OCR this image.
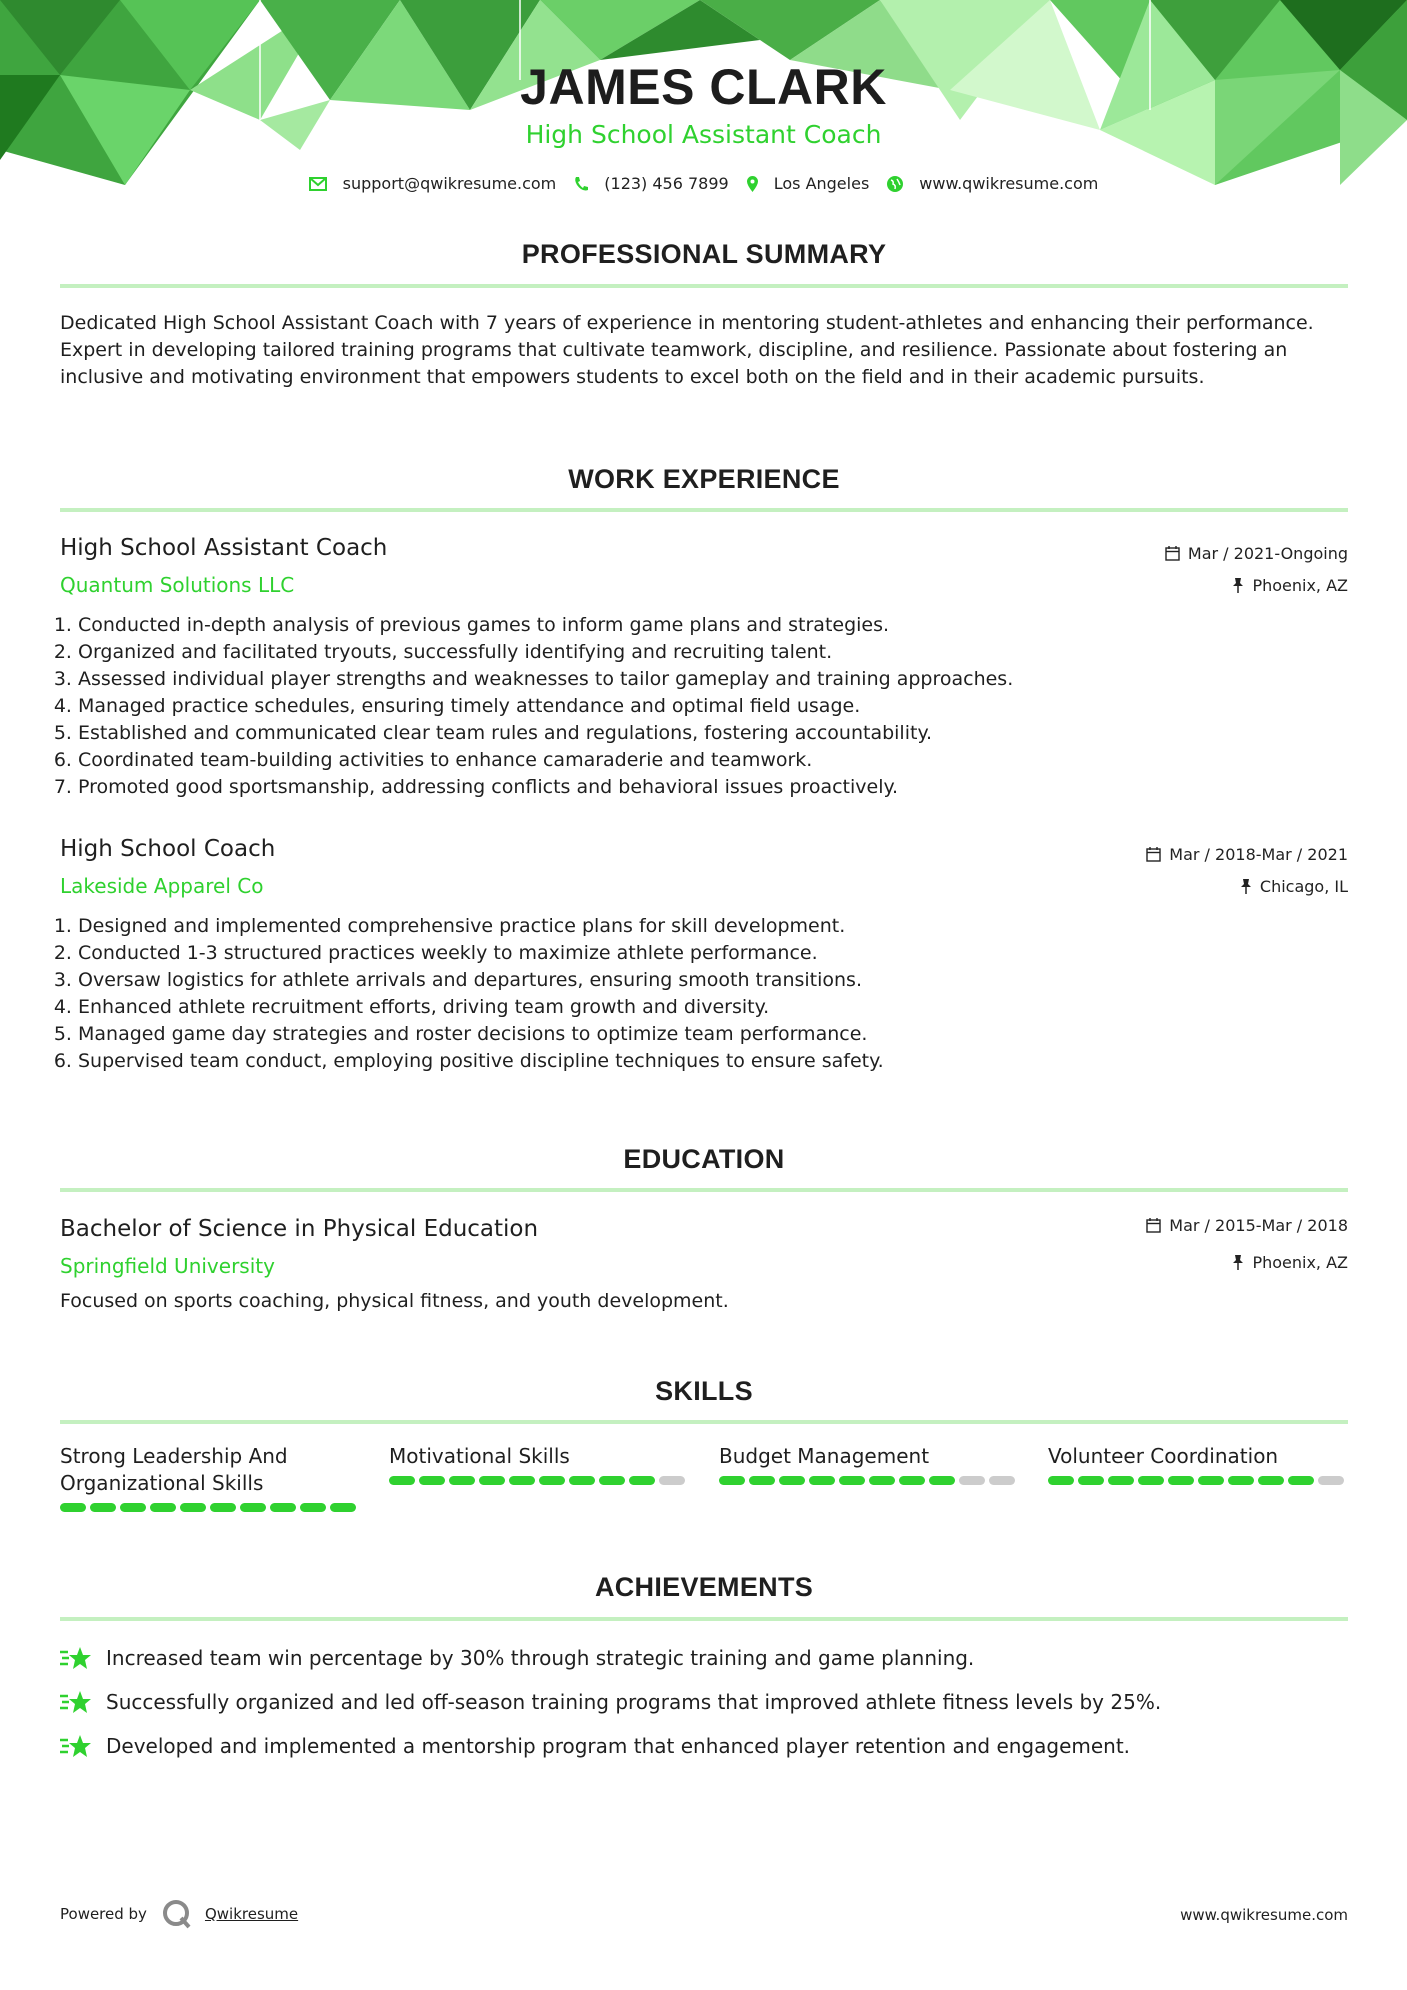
JAMES CLARK

High School Assistant Coach

support@qwikresume.com	(123) 456 7899	Los Angeles	www.qwikresume.com
PROFESSIONAL SUMMARY

Dedicated High School Assistant Coach with 7 years of experience in mentoring student-athletes and enhancing their performance. Expert in developing tailored training programs that cultivate teamwork, discipline, and resilience. Passionate about fostering an inclusive and motivating environment that empowers students to excel both on the field and in their academic pursuits.

WORK EXPERIENCE

High School Assistant Coach

Quantum Solutions LLC

Mar / 2021-Ongoing
Phoenix, AZ
1. Conducted in-depth analysis of previous games to inform game plans and strategies.
2. Organized and facilitated tryouts, successfully identifying and recruiting talent.
3. Assessed individual player strengths and weaknesses to tailor gameplay and training approaches.
4. Managed practice schedules, ensuring timely attendance and optimal field usage.
5. Established and communicated clear team rules and regulations, fostering accountability.
6. Coordinated team-building activities to enhance camaraderie and teamwork.
7. Promoted good sportsmanship, addressing conflicts and behavioral issues proactively.

High School Coach

Lakeside Apparel Co

Mar / 2018-Mar / 2021
Chicago, IL
1. Designed and implemented comprehensive practice plans for skill development.
2. Conducted 1-3 structured practices weekly to maximize athlete performance.
3. Oversaw logistics for athlete arrivals and departures, ensuring smooth transitions.
4. Enhanced athlete recruitment efforts, driving team growth and diversity.
5. Managed game day strategies and roster decisions to optimize team performance.
6. Supervised team conduct, employing positive discipline techniques to ensure safety.
EDUCATION

Bachelor of Science in Physical Education

Springfield University

Mar / 2015-Mar / 2018
Phoenix, AZ

Focused on sports coaching, physical fitness, and youth development.

SKILLS

Strong Leadership And Organizational Skills

Motivational Skills	Budget Management	Volunteer Coordination

ACHIEVEMENTS
Increased team win percentage by 30% through strategic training and game planning.
Successfully organized and led off-season training programs that improved athlete fitness levels by 25%.
Developed and implemented a mentorship program that enhanced player retention and engagement.
Powered by	Qwikresume	www.qwikresume.com
